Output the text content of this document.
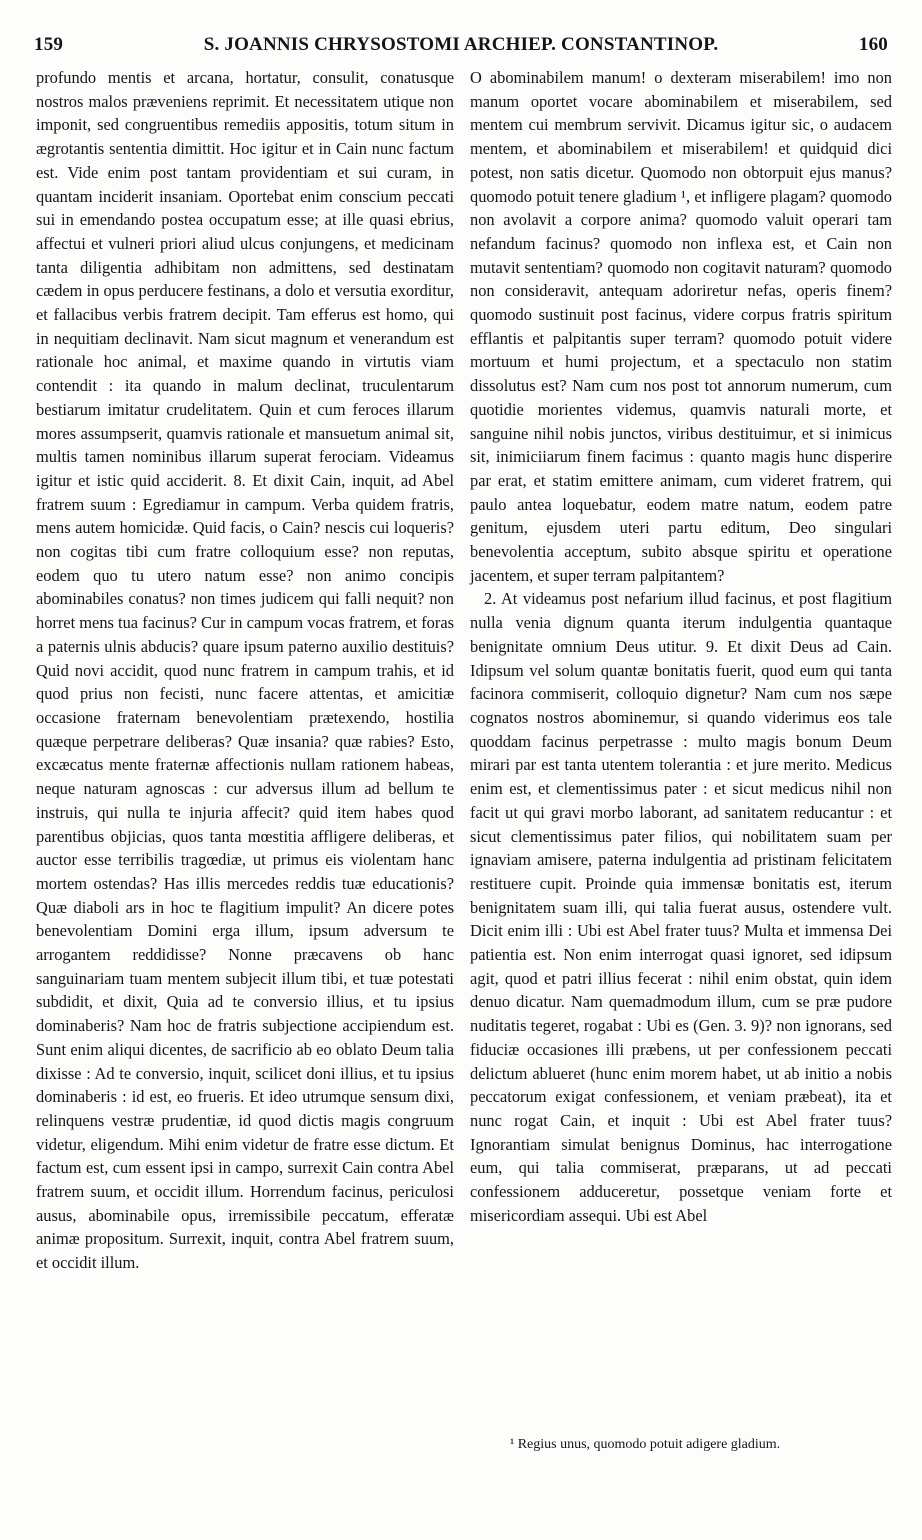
159	S. JOANNIS CHRYSOSTOMI ARCHIEP. CONSTANTINOP.	160

profundo mentis et arcana, hortatur, consulit, conatusque nostros malos præveniens reprimit. Et necessitatem utique non imponit, sed congruentibus remediis appositis, totum situm in ægrotantis sententia dimittit. Hoc igitur et in Cain nunc factum est. Vide enim post tantam providentiam et sui curam, in quantam inciderit insaniam. Oportebat enim conscium peccati sui in emendando postea occupatum esse; at ille quasi ebrius, affectui et vulneri priori aliud ulcus conjungens, et medicinam tanta diligentia adhibitam non admittens, sed destinatam cædem in opus perducere festinans, a dolo et versutia exorditur, et fallacibus verbis fratrem decipit. Tam efferus est homo, qui in nequitiam declinavit. Nam sicut magnum et venerandum est rationale hoc animal, et maxime quando in virtutis viam contendit : ita quando in malum declinat, truculentarum bestiarum imitatur crudelitatem. Quin et cum feroces illarum mores assumpserit, quamvis rationale et mansuetum animal sit, multis tamen nominibus illarum superat ferociam. Videamus igitur et istic quid acciderit. 8. Et dixit Cain, inquit, ad Abel fratrem suum : Egrediamur in campum. Verba quidem fratris, mens autem homicidæ. Quid facis, o Cain? nescis cui loqueris? non cogitas tibi cum fratre colloquium esse? non reputas, eodem quo tu utero natum esse? non animo concipis abominabiles conatus? non times judicem qui falli nequit? non horret mens tua facinus? Cur in campum vocas fratrem, et foras a paternis ulnis abducis? quare ipsum paterno auxilio destituis? Quid novi accidit, quod nunc fratrem in campum trahis, et id quod prius non fecisti, nunc facere attentas, et amicitiæ occasione fraternam benevolentiam prætexendo, hostilia quæque perpetrare deliberas? Quæ insania? quæ rabies? Esto, excæcatus mente fraternæ affectionis nullam rationem habeas, neque naturam agnoscas : cur adversus illum ad bellum te instruis, qui nulla te injuria affecit? quid item habes quod parentibus objicias, quos tanta mœstitia affligere deliberas, et auctor esse terribilis tragœdiæ, ut primus eis violentam hanc mortem ostendas? Has illis mercedes reddis tuæ educationis? Quæ diaboli ars in hoc te flagitium impulit? An dicere potes benevolentiam Domini erga illum, ipsum adversum te arrogantem reddidisse? Nonne præcavens ob hanc sanguinariam tuam mentem subjecit illum tibi, et tuæ potestati subdidit, et dixit, Quia ad te conversio illius, et tu ipsius dominaberis? Nam hoc de fratris subjectione accipiendum est. Sunt enim aliqui dicentes, de sacrificio ab eo oblato Deum talia dixisse : Ad te conversio, inquit, scilicet doni illius, et tu ipsius dominaberis : id est, eo frueris. Et ideo utrumque sensum dixi, relinquens vestræ prudentiæ, id quod dictis magis congruum videtur, eligendum. Mihi enim videtur de fratre esse dictum. Et factum est, cum essent ipsi in campo, surrexit Cain contra Abel fratrem suum, et occidit illum. Horrendum facinus, periculosi ausus, abominabile opus, irremissibile peccatum, efferatæ animæ propositum. Surrexit, inquit, contra Abel fratrem suum, et occidit illum.

O abominabilem manum! o dexteram miserabilem! imo non manum oportet vocare abominabilem et miserabilem, sed mentem cui membrum servivit. Dicamus igitur sic, o audacem mentem, et abominabilem et miserabilem! et quidquid dici potest, non satis dicetur. Quomodo non obtorpuit ejus manus? quomodo potuit tenere gladium ¹, et infligere plagam? quomodo non avolavit a corpore anima? quomodo valuit operari tam nefandum facinus? quomodo non inflexa est, et Cain non mutavit sententiam? quomodo non cogitavit naturam? quomodo non consideravit, antequam adoriretur nefas, operis finem? quomodo sustinuit post facinus, videre corpus fratris spiritum efflantis et palpitantis super terram? quomodo potuit videre mortuum et humi projectum, et a spectaculo non statim dissolutus est? Nam cum nos post tot annorum numerum, cum quotidie morientes videmus, quamvis naturali morte, et sanguine nihil nobis junctos, viribus destituimur, et si inimicus sit, inimiciiarum finem facimus : quanto magis hunc disperire par erat, et statim emittere animam, cum videret fratrem, qui paulo antea loquebatur, eodem matre natum, eodem patre genitum, ejusdem uteri partu editum, Deo singulari benevolentia acceptum, subito absque spiritu et operatione jacentem, et super terram palpitantem?

2. At videamus post nefarium illud facinus, et post flagitium nulla venia dignum quanta iterum indulgentia quantaque benignitate omnium Deus utitur. 9. Et dixit Deus ad Cain. Idipsum vel solum quantæ bonitatis fuerit, quod eum qui tanta facinora commiserit, colloquio dignetur? Nam cum nos sæpe cognatos nostros abominemur, si quando viderimus eos tale quoddam facinus perpetrasse : multo magis bonum Deum mirari par est tanta utentem tolerantia : et jure merito. Medicus enim est, et clementissimus pater : et sicut medicus nihil non facit ut qui gravi morbo laborant, ad sanitatem reducantur : et sicut clementissimus pater filios, qui nobilitatem suam per ignaviam amisere, paterna indulgentia ad pristinam felicitatem restituere cupit. Proinde quia immensæ bonitatis est, iterum benignitatem suam illi, qui talia fuerat ausus, ostendere vult. Dicit enim illi : Ubi est Abel frater tuus? Multa et immensa Dei patientia est. Non enim interrogat quasi ignoret, sed idipsum agit, quod et patri illius fecerat : nihil enim obstat, quin idem denuo dicatur. Nam quemadmodum illum, cum se præ pudore nuditatis tegeret, rogabat : Ubi es (Gen. 3. 9)? non ignorans, sed fiduciæ occasiones illi præbens, ut per confessionem peccati delictum ablueret (hunc enim morem habet, ut ab initio a nobis peccatorum exigat confessionem, et veniam præbeat), ita et nunc rogat Cain, et inquit : Ubi est Abel frater tuus? Ignorantiam simulat benignus Dominus, hac interrogatione eum, qui talia commiserat, præparans, ut ad peccati confessionem adduceretur, possetque veniam forte et misericordiam assequi. Ubi est Abel

¹ Regius unus, quomodo potuit adigere gladium.
